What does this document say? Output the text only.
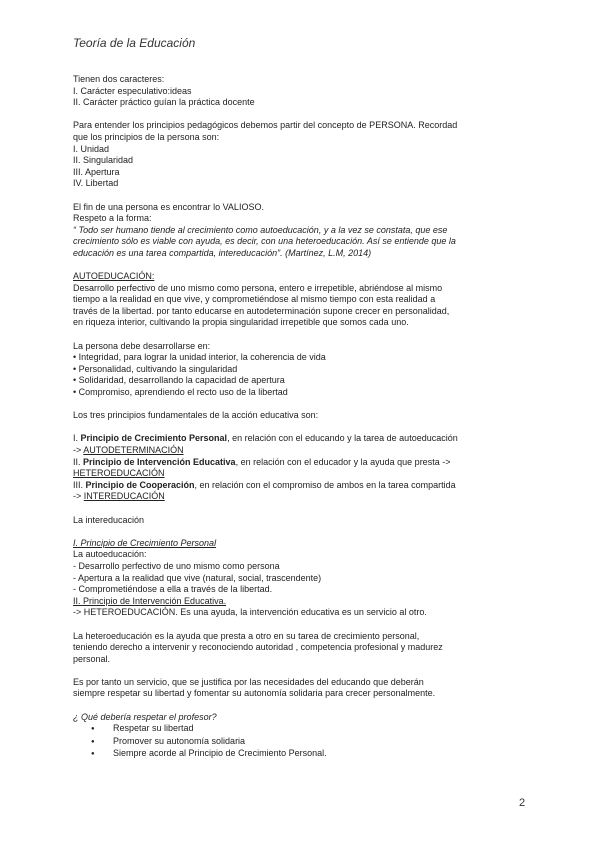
Teoría de la Educación
Tienen dos caracteres:
I. Carácter especulativo:ideas
II. Carácter práctico guían la práctica docente
Para entender los principios pedagógicos debemos partir del concepto de PERSONA. Recordad
que los principios de la persona son:
I. Unidad
II. Singularidad
III. Apertura
IV. Libertad
El fin de una persona es encontrar lo VALIOSO.
Respeto a la forma:
“ Todo ser humano tiende al crecimiento como autoeducación, y a la vez se constata, que ese
crecimiento sólo es viable con ayuda, es decir, con una heteroeducación. Así se entiende que la
educación es una tarea compartida, intereducación”. (Martínez, L.M, 2014)
AUTOEDUCACIÓN:
Desarrollo perfectivo de uno mismo como persona, entero e irrepetible, abriéndose al mismo
tiempo a la realidad en que vive, y comprometiéndose al mismo tiempo con esta realidad a
través de la libertad. por tanto educarse en autodeterminación supone crecer en personalidad,
en riqueza interior, cultivando la propia singularidad irrepetible que somos cada uno.
La persona debe desarrollarse en:
• Integridad, para lograr la unidad interior, la coherencia de vida
• Personalidad, cultivando la singularidad
• Solidaridad, desarrollando la capacidad de apertura
• Compromiso, aprendiendo el recto uso de la libertad
Los tres principios fundamentales de la acción educativa son:
I. Principio de Crecimiento Personal, en relación con el educando y la tarea de autoeducación
-> AUTODETERMINACIÓN
II. Principio de Intervención Educativa, en relación con el educador y la ayuda que presta ->
HETEROEDUCACIÓN
III. Principio de Cooperación, en relación con el compromiso de ambos en la tarea compartida
-> INTEREDUCACIÓN
La intereducación
I. Principio de Crecimiento Personal
La autoeducación:
- Desarrollo perfectivo de uno mismo como persona
- Apertura a la realidad que vive (natural, social, trascendente)
- Comprometiéndose a ella a través de la libertad.
II. Principio de Intervención Educativa.
-> HETEROEDUCACIÓN. Es una ayuda, la intervención educativa es un servicio al otro.
La heteroeducación es la ayuda que presta a otro en su tarea de crecimiento personal,
teniendo derecho a intervenir y reconociendo autoridad , competencia profesional y madurez
personal.
Es por tanto un servicio, que se justifica por las necesidades del educando que deberán
siempre respetar su libertad y fomentar su autonomía solidaria para crecer personalmente.
¿ Qué debería respetar el profesor?
● Respetar su libertad
● Promover su autonomía solidaria
● Siempre acorde al Principio de Crecimiento Personal.
2
